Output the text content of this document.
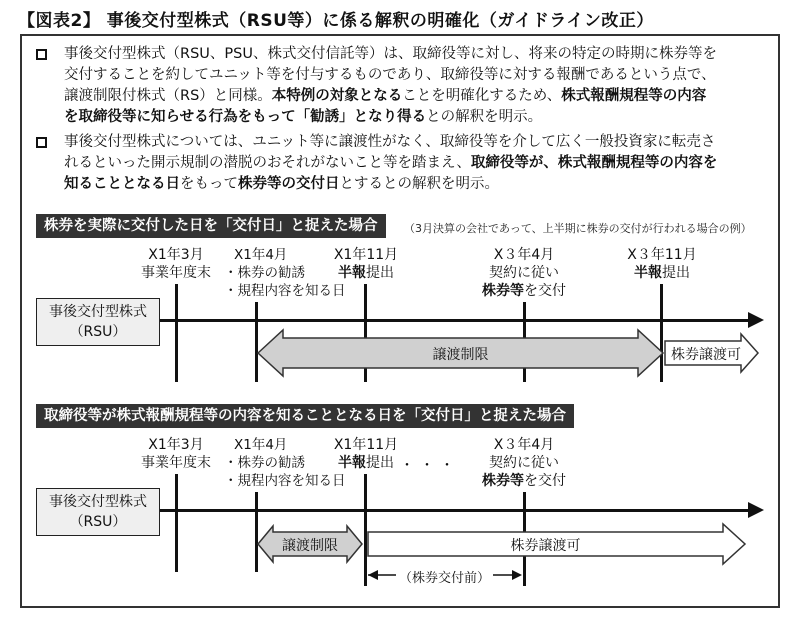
【図表2】 事後交付型株式（RSU等）に係る解釈の明確化（ガイドライン改正）
事後交付型株式（RSU、PSU、株式交付信託等）は、取締役等に対し、将来の特定の時期に株券等を
交付することを約してユニット等を付与するものであり、取締役等に対する報酬であるという点で、
譲渡制限付株式（RS）と同様。本特例の対象となることを明確化するため、株式報酬規程等の内容
を取締役等に知らせる行為をもって「勧誘」となり得るとの解釈を明示。
事後交付型株式については、ユニット等に譲渡性がなく、取締役等を介して広く一般投資家に転売さ
れるといった開示規制の潜脱のおそれがないこと等を踏まえ、取締役等が、株式報酬規程等の内容を
知ることとなる日をもって株券等の交付日とするとの解釈を明示。
株券を実際に交付した日を「交付日」と捉えた場合	（3月決算の会社であって、上半期に株券の交付が行われる場合の例）
X1年3月
事業年度末
X1年4月
・株券の勧誘
・規程内容を知る日
X1年11月
半報提出
X３年4月
契約に従い
株券等を交付
X３年11月
半報提出
事後交付型株式
（RSU）
取締役等が株式報酬規程等の内容を知ることとなる日を「交付日」と捉えた場合
X1年3月
事業年度末
X1年4月
・株券の勧誘
・規程内容を知る日
X1年11月
半報提出 ・・・
X３年4月
契約に従い
株券等を交付
事後交付型株式
（RSU）
譲渡制限	株券譲渡可
譲渡制限	株券譲渡可
（株券交付前）
